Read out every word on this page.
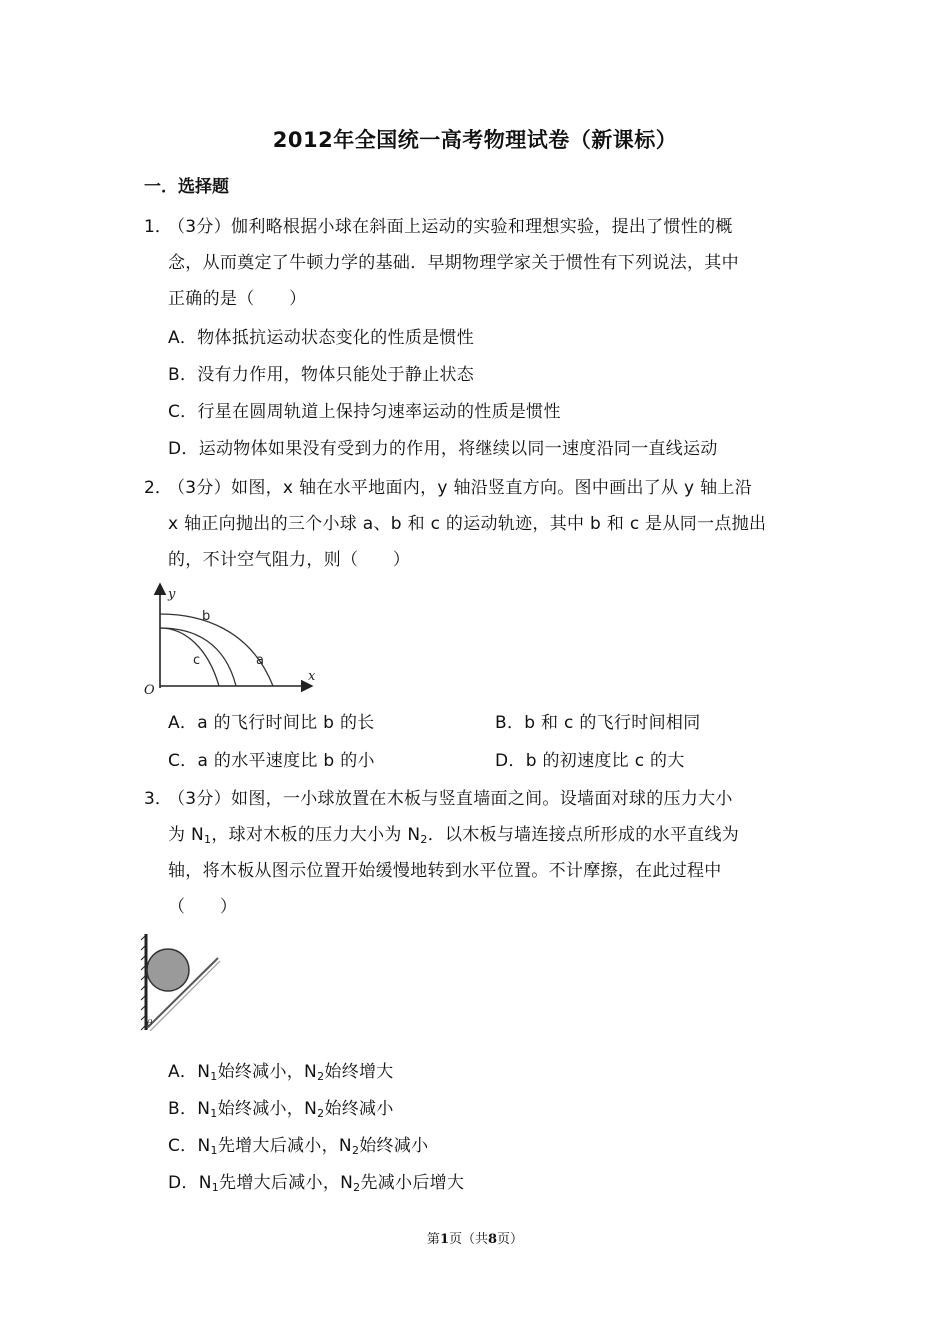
2012年全国统一高考物理试卷（新课标）
一．选择题
1．
（3分）伽利略根据小球在斜面上运动的实验和理想实验，提出了惯性的概
念，从而奠定了牛顿力学的基础．早期物理学家关于惯性有下列说法，其中
正确的是（　　）
A．物体抵抗运动状态变化的性质是惯性
B．没有力作用，物体只能处于静止状态
C．行星在圆周轨道上保持匀速率运动的性质是惯性
D．运动物体如果没有受到力的作用，将继续以同一速度沿同一直线运动
2．
（3分）如图，x 轴在水平地面内，y 轴沿竖直方向。图中画出了从 y 轴上沿
x 轴正向抛出的三个小球 a、b 和 c 的运动轨迹，其中 b 和 c 是从同一点抛出
的，不计空气阻力，则（　　）
y
x
O
b
c	a
A．a 的飞行时间比 b 的长	B．b 和 c 的飞行时间相同
C．a 的水平速度比 b 的小	D．b 的初速度比 c 的大
3．
（3分）如图，一小球放置在木板与竖直墙面之间。设墙面对球的压力大小
为 $N_1$，球对木板的压力大小为 $N_2$．以木板与墙连接点所形成的水平直线为
轴，将木板从图示位置开始缓慢地转到水平位置。不计摩擦，在此过程中
（　　）
θ
A．$N_1$始终减小，$N_2$始终增大
B．$N_1$始终减小，$N_2$始终减小
C．$N_1$先增大后减小，$N_2$始终减小
D．$N_1$先增大后减小，$N_2$先减小后增大
第1页（共8页）
